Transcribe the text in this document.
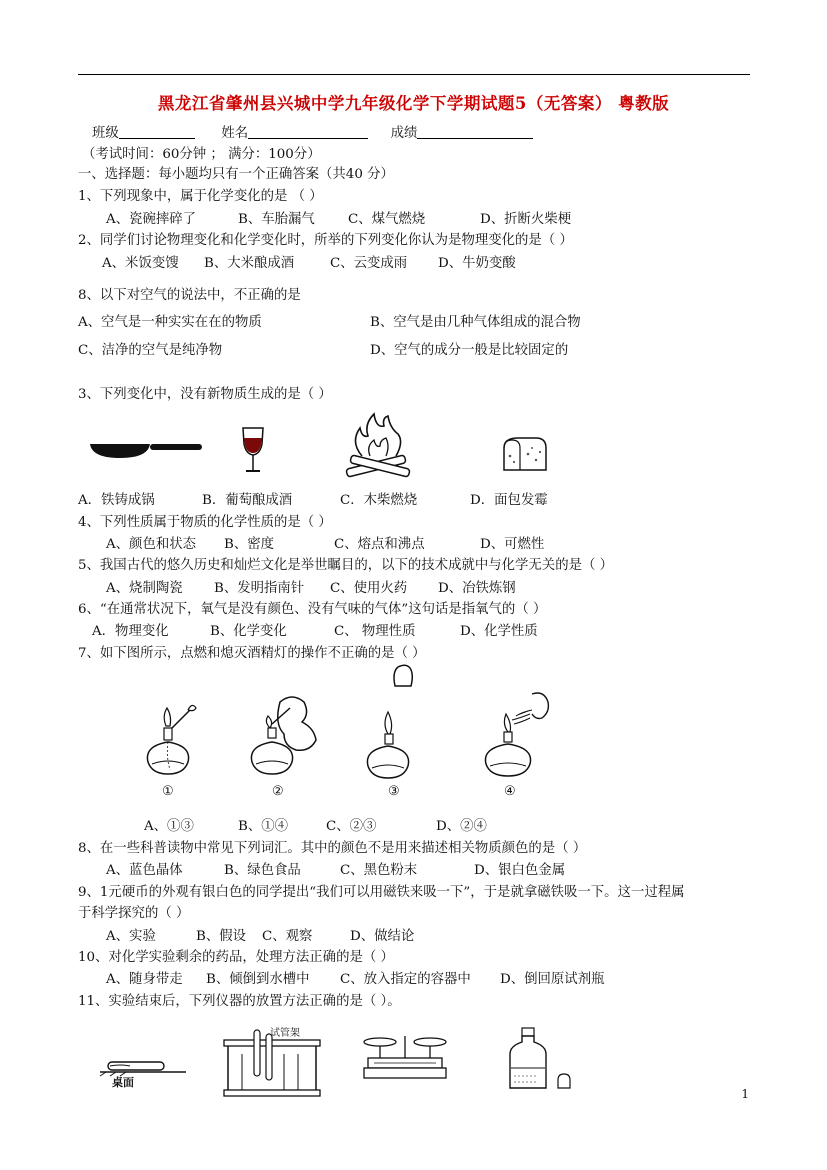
黑龙江省肇州县兴城中学九年级化学下学期试题5（无答案） 粤教版
班级	姓名	成绩
（考试时间：60分钟 ； 满分：100分）
一、选择题：每小题均只有一个正确答案（共40 分）
1、下列现象中，属于化学变化的是 （ ）
A、瓷碗摔碎了	B、车胎漏气 C、煤气燃烧	D、折断火柴梗
2、同学们讨论物理变化和化学变化时，所举的下列变化你认为是物理变化的是（ ）
A、米饭变馊 B、大米酿成酒	C、云变成雨 D、牛奶变酸
8、以下对空气的说法中，不正确的是
A、空气是一种实实在在的物质	B、空气是由几种气体组成的混合物
C、洁净的空气是纯净物	D、空气的成分一般是比较固定的
3、下列变化中，没有新物质生成的是（ ）
A．铁铸成锅	B．葡萄酿成酒	C．木柴燃烧	D．面包发霉
4、下列性质属于物质的化学性质的是（ ）
A、颜色和状态 B、密度	C、熔点和沸点	D、可燃性
5、我国古代的悠久历史和灿烂文化是举世瞩目的，以下的技术成就中与化学无关的是（ ）
A、烧制陶瓷 B、发明指南针 C、使用火药 D、冶铁炼钢
6、“在通常状况下，氧气是没有颜色、没有气味的气体”这句话是指氧气的（ ）
A．物理变化	B、化学变化	C、 物理性质	D、化学性质
7、如下图所示，点燃和熄灭酒精灯的操作不正确的是（ ）
①	②	③	④
A、①③	B、①④	C、②③	D、②④
8、在一些科普读物中常见下列词汇。其中的颜色不是用来描述相关物质颜色的是（ ）
A、蓝色晶体	B、绿色食品	C、黑色粉末	D、银白色金属
9、1元硬币的外观有银白色的同学提出“我们可以用磁铁来吸一下”，于是就拿磁铁吸一下。这一过程属
于科学探究的（ ）
A、实验	B、假设 C、观察	D、做结论
10、对化学实验剩余的药品，处理方法正确的是（ ）
A、随身带走 B、倾倒到水槽中 C、放入指定的容器中 D、倒回原试剂瓶
11、实验结束后，下列仪器的放置方法正确的是（ ）。
桌面
试管架
1
